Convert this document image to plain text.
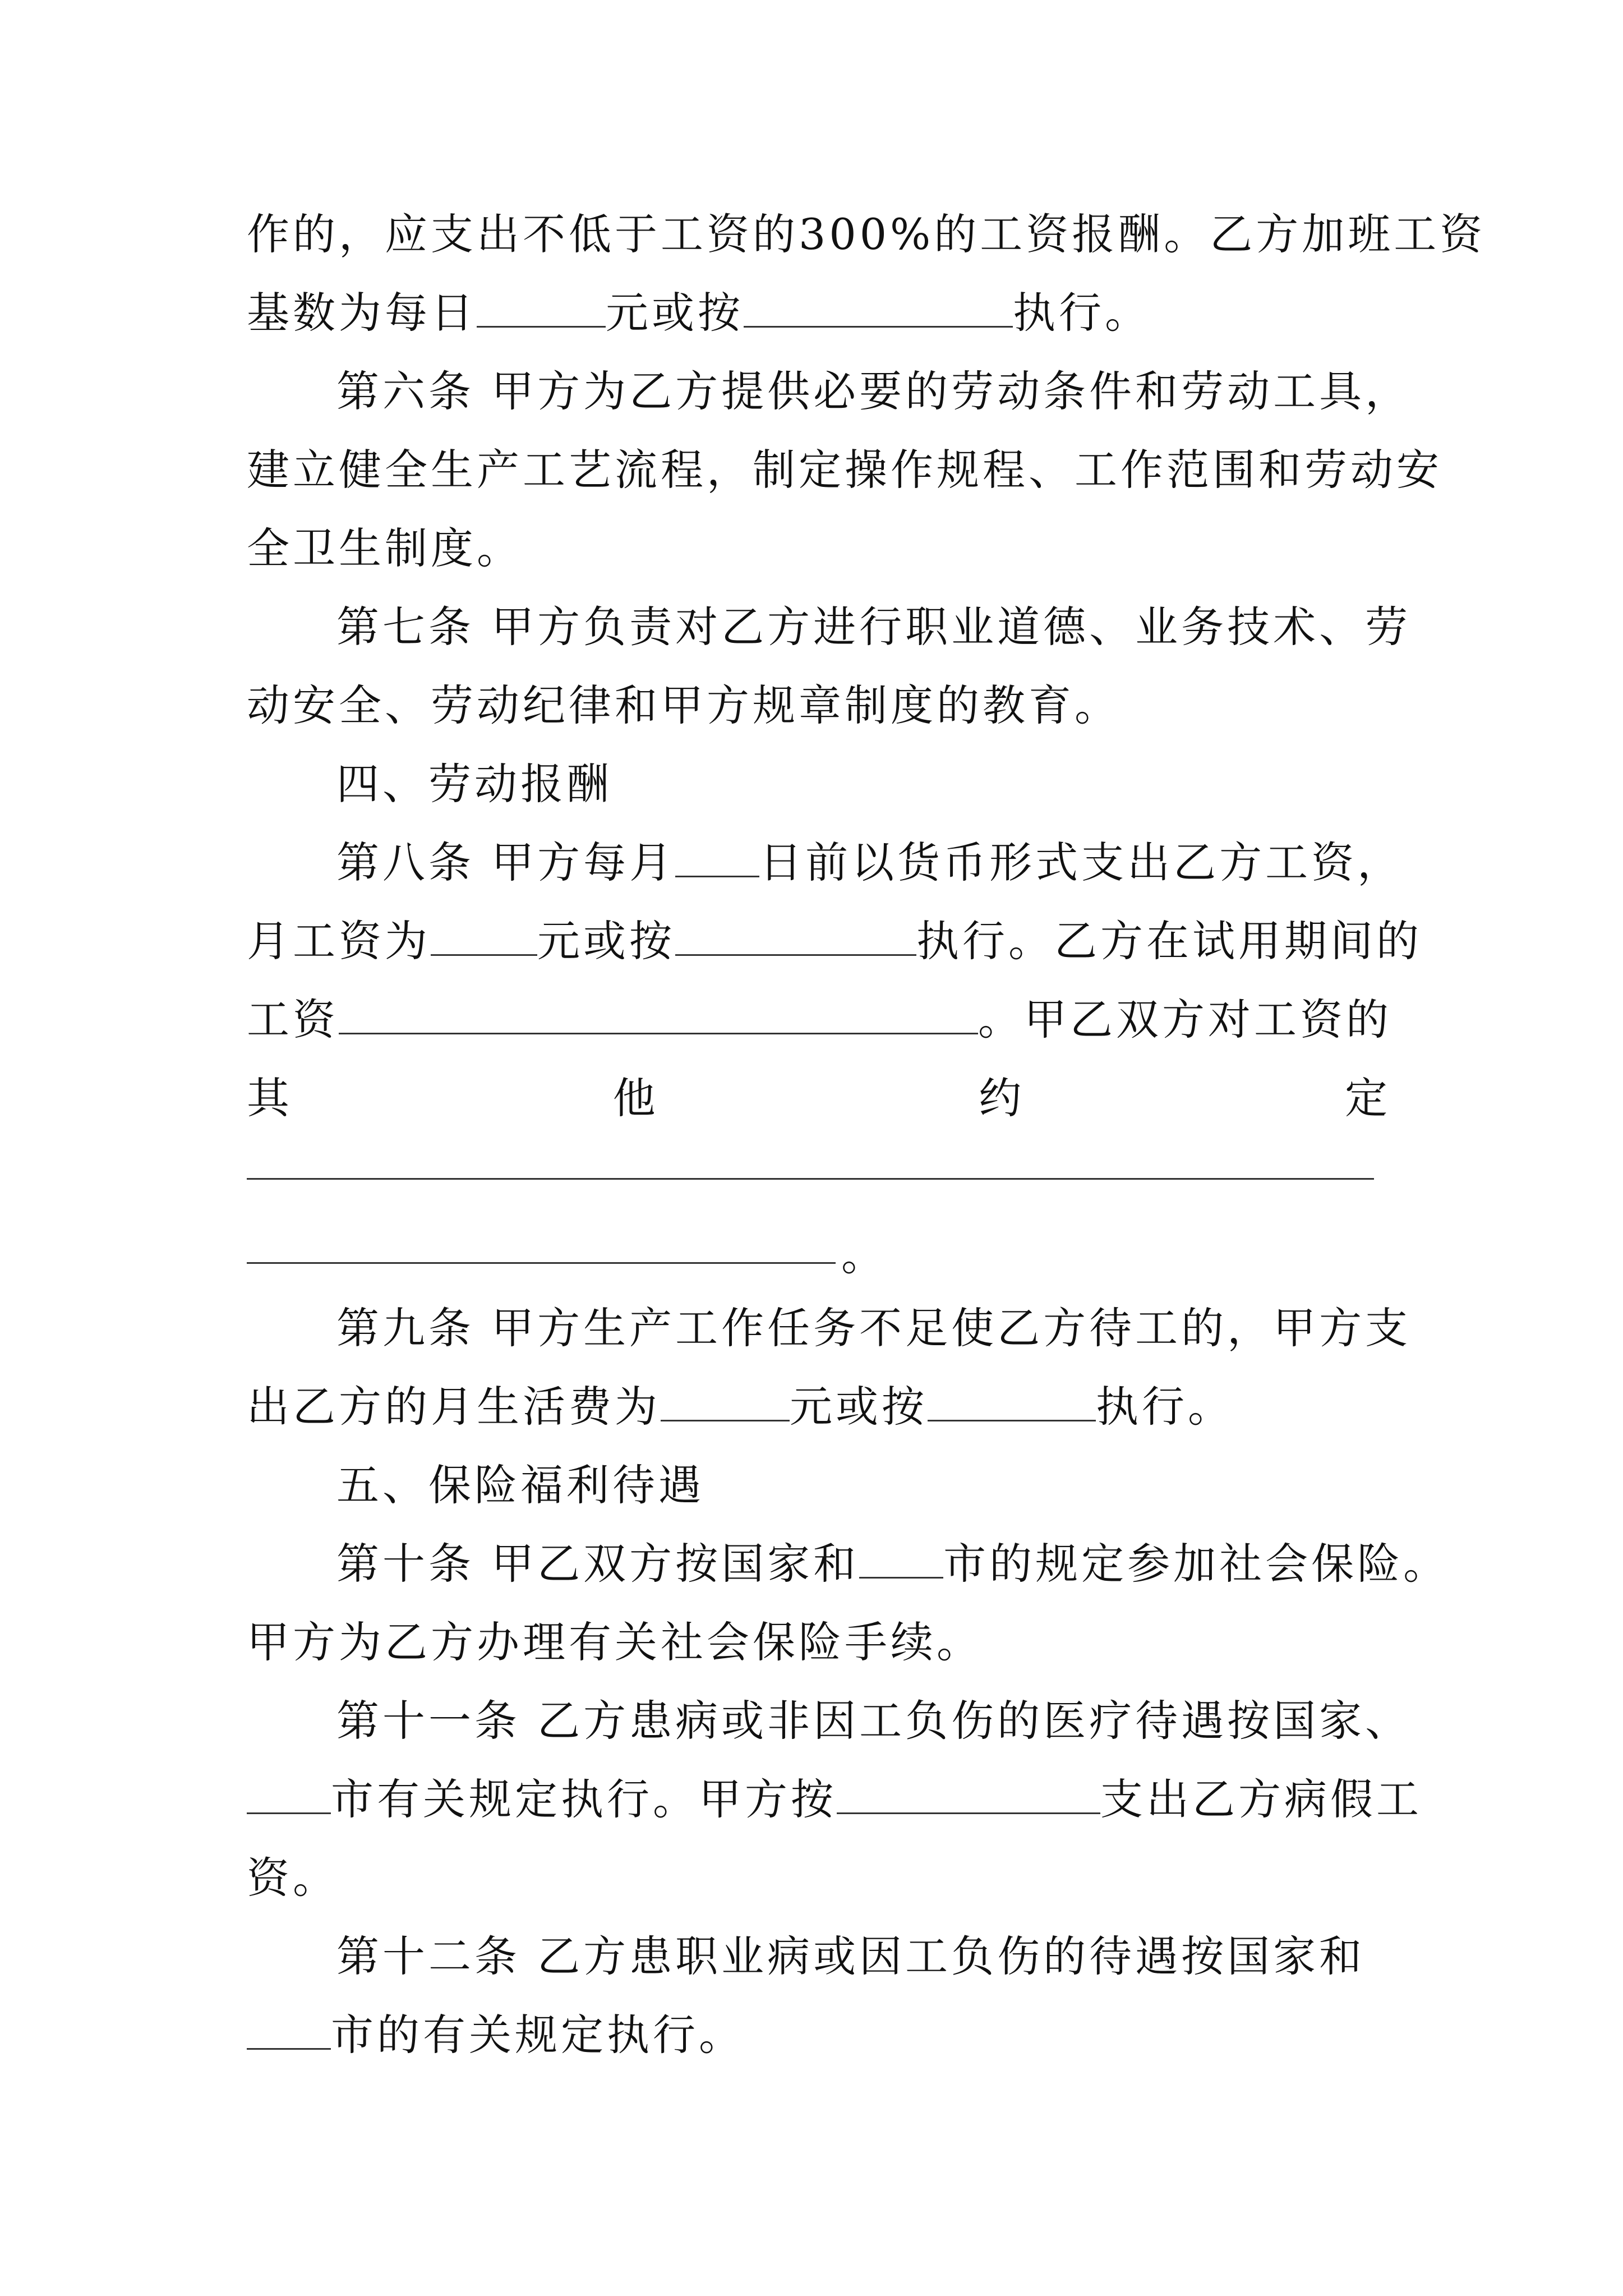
作的，应支出不低于工资的300%的工资报酬。乙方加班工资
基数为每日	元或按	执行。
第六条 甲方为乙方提供必要的劳动条件和劳动工具，
建立健全生产工艺流程，制定操作规程、工作范围和劳动安
全卫生制度。
第七条 甲方负责对乙方进行职业道德、业务技术、劳
动安全、劳动纪律和甲方规章制度的教育。
四、劳动报酬
第八条 甲方每月 日前以货币形式支出乙方工资，
月工资为	元或按	执行。乙方在试用期间的
工资	。甲乙双方对工资的
其	他	约	定
。
第九条 甲方生产工作任务不足使乙方待工的，甲方支
出乙方的月生活费为	元或按	执行。
五、保险福利待遇
第十条 甲乙双方按国家和 市的规定参加社会保险。
甲方为乙方办理有关社会保险手续。
第十一条 乙方患病或非因工负伤的医疗待遇按国家、
市有关规定执行。甲方按	支出乙方病假工
资。
第十二条 乙方患职业病或因工负伤的待遇按国家和
市的有关规定执行。
